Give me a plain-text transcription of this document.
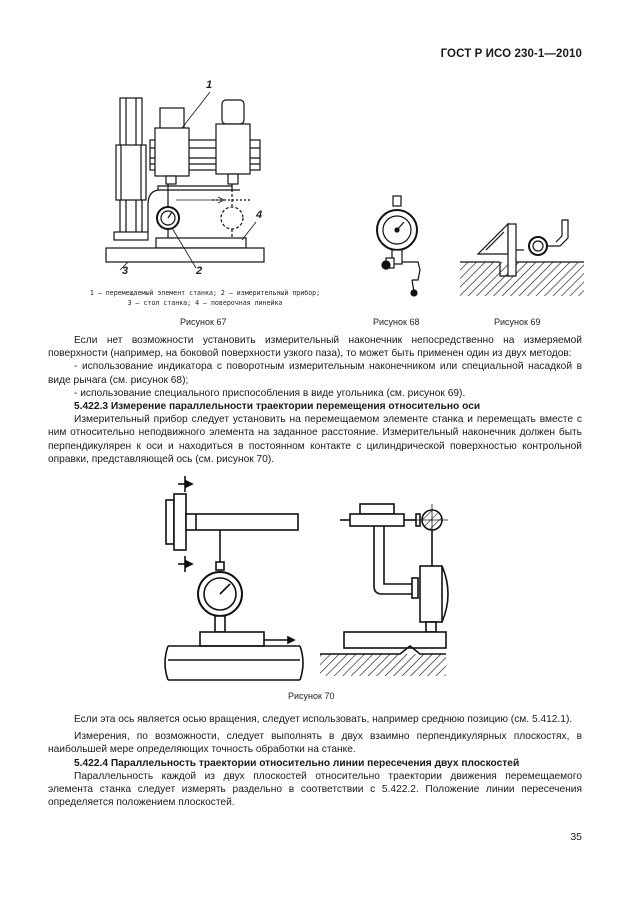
ГОСТ Р ИСО 230-1—2010
1
2
3
4
1 — перемещаемый элемент станка; 2 — измерительный прибор;
3 — стол станка; 4 — поверочная линейка
Рисунок 67	Рисунок 68	Рисунок 69

Если нет возможности установить измерительный наконечник непосредственно на измеряемой поверхности (например, на боковой поверхности узкого паза), то может быть применен один из двух методов:

- использование индикатора с поворотным измерительным наконечником или специальной насадкой в виде рычага (см. рисунок 68);

- использование специального приспособления в виде угольника (см. рисунок 69).

5.422.3 Измерение параллельности траектории перемещения относительно оси

Измерительный прибор следует установить на перемещаемом элементе станка и перемещать вместе с ним относительно неподвижного элемента на заданное расстояние. Измерительный наконечник должен быть перпендикулярен к оси и находиться в постоянном контакте с цилиндрической поверхностью контрольной оправки, представляющей ось (см. рисунок 70).

Рисунок 70

Если эта ось является осью вращения, следует использовать, например среднюю позицию (см. 5.412.1).

Измерения, по возможности, следует выполнять в двух взаимно перпендикулярных плоскостях, в наибольшей мере определяющих точность обработки на станке.

5.422.4 Параллельность траектории относительно линии пересечения двух плоскостей

Параллельность каждой из двух плоскостей относительно траектории движения перемещаемого элемента станка следует измерять раздельно в соответствии с 5.422.2. Положение линии пересечения определяется положением плоскостей.

35
